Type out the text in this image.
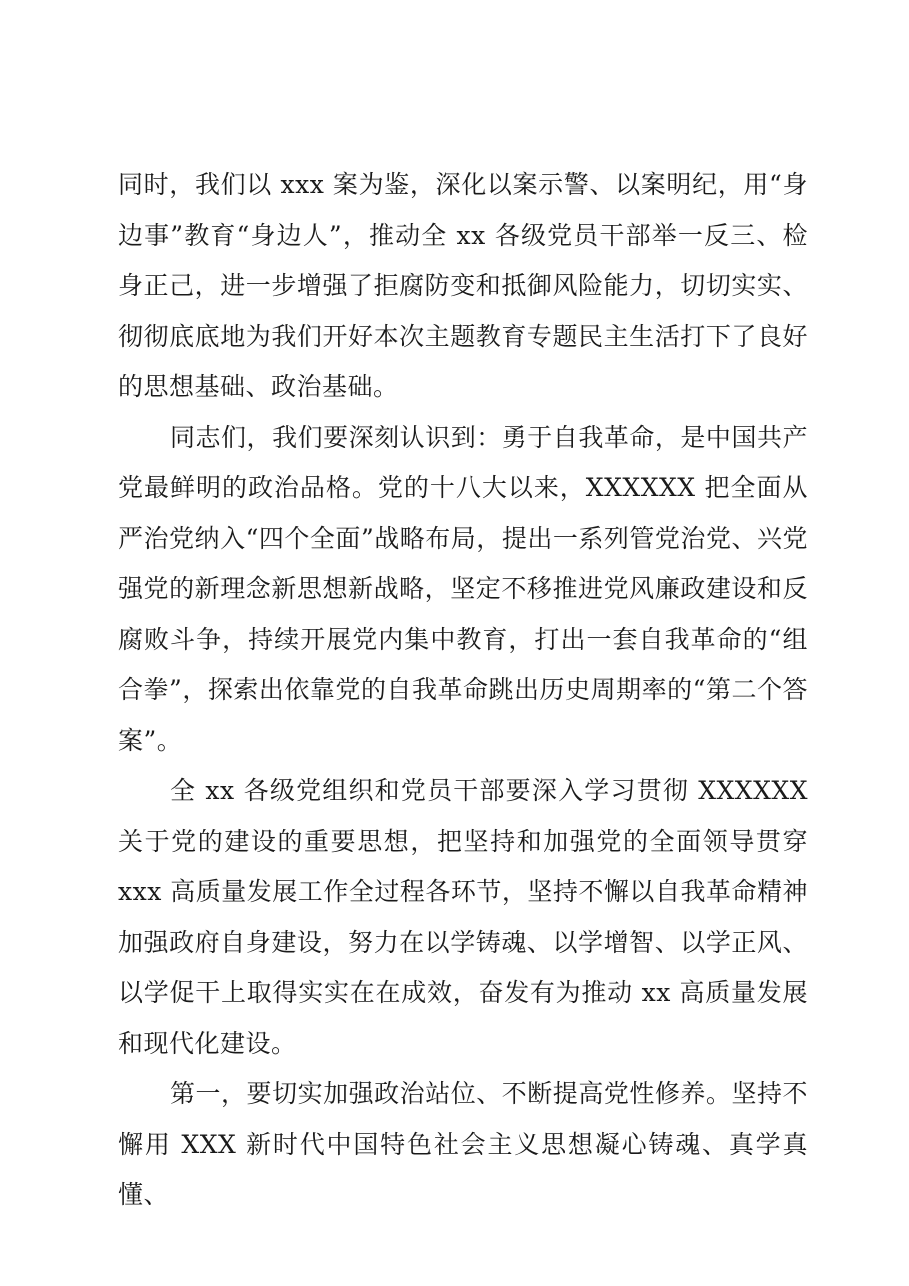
同时，我们以 xxx 案为鉴，深化以案示警、以案明纪，用“身边事”教育“身边人”，推动全 xx 各级党员干部举一反三、检身正己，进一步增强了拒腐防变和抵御风险能力，切切实实、彻彻底底地为我们开好本次主题教育专题民主生活打下了良好的思想基础、政治基础。

同志们，我们要深刻认识到：勇于自我革命，是中国共产党最鲜明的政治品格。党的十八大以来，XXXXXX 把全面从严治党纳入“四个全面”战略布局，提出一系列管党治党、兴党强党的新理念新思想新战略，坚定不移推进党风廉政建设和反腐败斗争，持续开展党内集中教育，打出一套自我革命的“组合拳”，探索出依靠党的自我革命跳出历史周期率的“第二个答案”。

全 xx 各级党组织和党员干部要深入学习贯彻 XXXXXX 关于党的建设的重要思想，把坚持和加强党的全面领导贯穿 xxx 高质量发展工作全过程各环节，坚持不懈以自我革命精神加强政府自身建设，努力在以学铸魂、以学增智、以学正风、以学促干上取得实实在在成效，奋发有为推动 xx 高质量发展和现代化建设。

第一，要切实加强政治站位、不断提高党性修养。坚持不懈用 XXX 新时代中国特色社会主义思想凝心铸魂、真学真懂、
